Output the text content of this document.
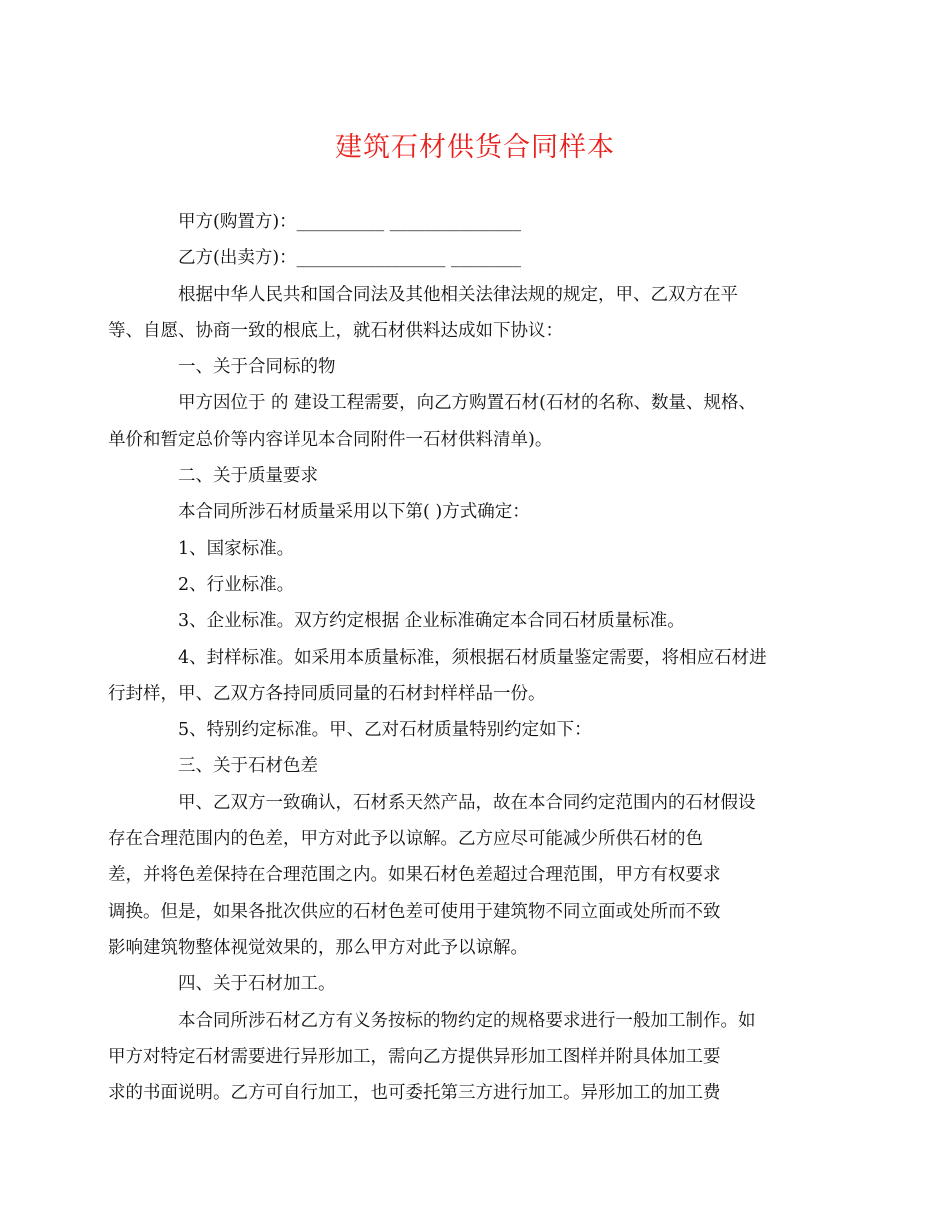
建筑石材供货合同样本
甲方(购置方)：__________ _______________
乙方(出卖方)：_________________ ________
根据中华人民共和国合同法及其他相关法律法规的规定，甲、乙双方在平
等、自愿、协商一致的根底上，就石材供料达成如下协议：
一、关于合同标的物
甲方因位于 的 建设工程需要，向乙方购置石材(石材的名称、数量、规格、
单价和暂定总价等内容详见本合同附件一石材供料清单)。
二、关于质量要求
本合同所涉石材质量采用以下第( )方式确定：
1、国家标准。
2、行业标准。
3、企业标准。双方约定根据 企业标准确定本合同石材质量标准。
4、封样标准。如采用本质量标准，须根据石材质量鉴定需要，将相应石材进
行封样，甲、乙双方各持同质同量的石材封样样品一份。
5、特别约定标准。甲、乙对石材质量特别约定如下：
三、关于石材色差
甲、乙双方一致确认，石材系天然产品，故在本合同约定范围内的石材假设
存在合理范围内的色差，甲方对此予以谅解。乙方应尽可能减少所供石材的色
差，并将色差保持在合理范围之内。如果石材色差超过合理范围，甲方有权要求
调换。但是，如果各批次供应的石材色差可使用于建筑物不同立面或处所而不致
影响建筑物整体视觉效果的，那么甲方对此予以谅解。
四、关于石材加工。
本合同所涉石材乙方有义务按标的物约定的规格要求进行一般加工制作。如
甲方对特定石材需要进行异形加工，需向乙方提供异形加工图样并附具体加工要
求的书面说明。乙方可自行加工，也可委托第三方进行加工。异形加工的加工费
